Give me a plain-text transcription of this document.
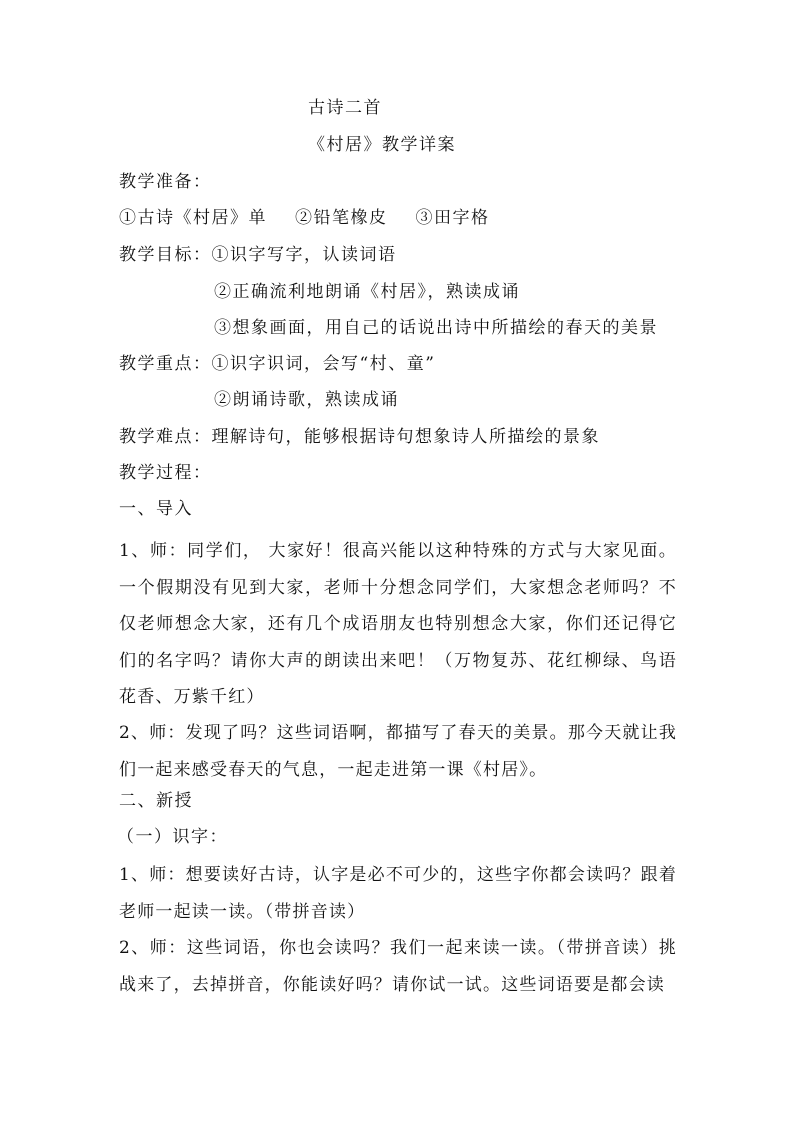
古诗二首
《村居》教学详案
教学准备：
①古诗《村居》单 ②铅笔橡皮 ③田字格
教学目标：①识字写字，认读词语
②正确流利地朗诵《村居》，熟读成诵
③想象画面，用自己的话说出诗中所描绘的春天的美景
教学重点：①识字识词，会写“村、童”
②朗诵诗歌，熟读成诵
教学难点：理解诗句，能够根据诗句想象诗人所描绘的景象
教学过程：
一、导入
1、师：同学们， 大家好！很高兴能以这种特殊的方式与大家见面。一个假期没有见到大家，老师十分想念同学们，大家想念老师吗？不仅老师想念大家，还有几个成语朋友也特别想念大家，你们还记得它们的名字吗？请你大声的朗读出来吧！（万物复苏、花红柳绿、鸟语花香、万紫千红）
2、师：发现了吗？这些词语啊，都描写了春天的美景。那今天就让我们一起来感受春天的气息，一起走进第一课《村居》。
二、新授
（一）识字：
1、师：想要读好古诗，认字是必不可少的，这些字你都会读吗？跟着老师一起读一读。（带拼音读）
2、师：这些词语，你也会读吗？我们一起来读一读。（带拼音读）挑战来了，去掉拼音，你能读好吗？请你试一试。这些词语要是都会读
